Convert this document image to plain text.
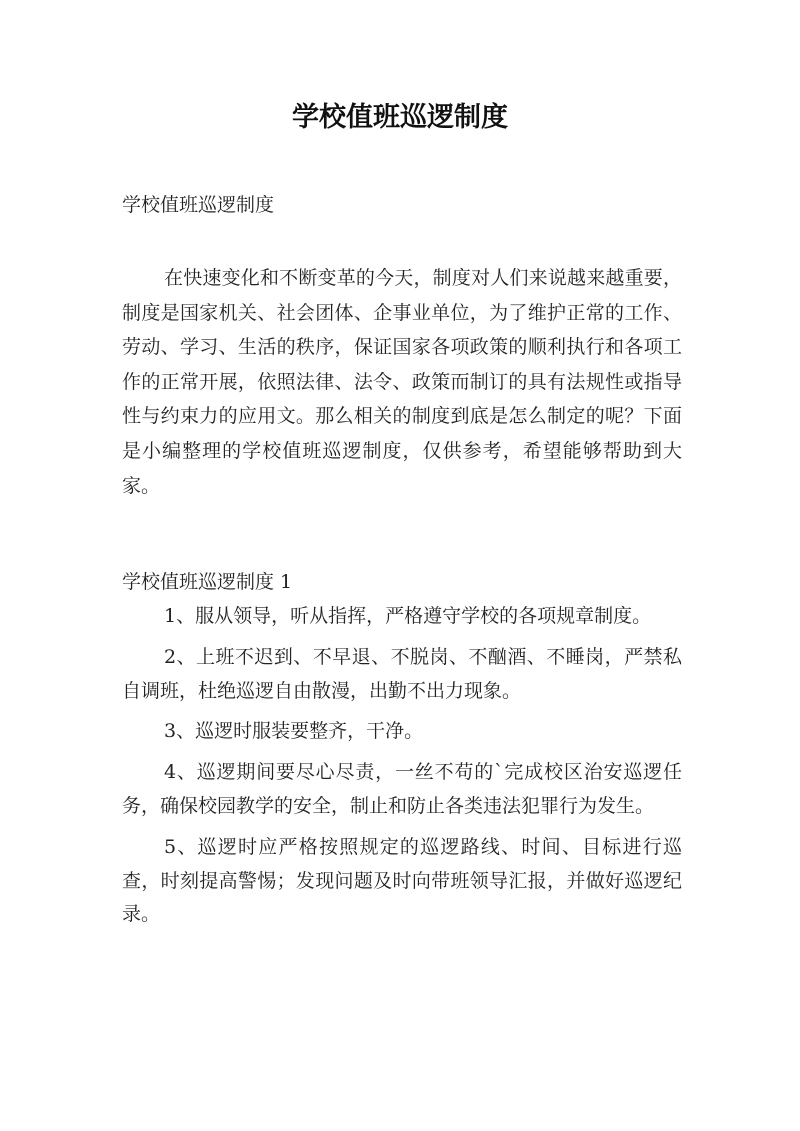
学校值班巡逻制度

学校值班巡逻制度

在快速变化和不断变革的今天，制度对人们来说越来越重要，制度是国家机关、社会团体、企事业单位，为了维护正常的工作、劳动、学习、生活的秩序，保证国家各项政策的顺利执行和各项工作的正常开展，依照法律、法令、政策而制订的具有法规性或指导性与约束力的应用文。那么相关的制度到底是怎么制定的呢？下面是小编整理的学校值班巡逻制度，仅供参考，希望能够帮助到大家。

学校值班巡逻制度 1

1、服从领导，听从指挥，严格遵守学校的各项规章制度。

2、上班不迟到、不早退、不脱岗、不酗酒、不睡岗，严禁私自调班，杜绝巡逻自由散漫，出勤不出力现象。

3、巡逻时服装要整齐，干净。

4、巡逻期间要尽心尽责，一丝不苟的`完成校区治安巡逻任务，确保校园教学的安全，制止和防止各类违法犯罪行为发生。

5、巡逻时应严格按照规定的巡逻路线、时间、目标进行巡查，时刻提高警惕；发现问题及时向带班领导汇报，并做好巡逻纪录。
